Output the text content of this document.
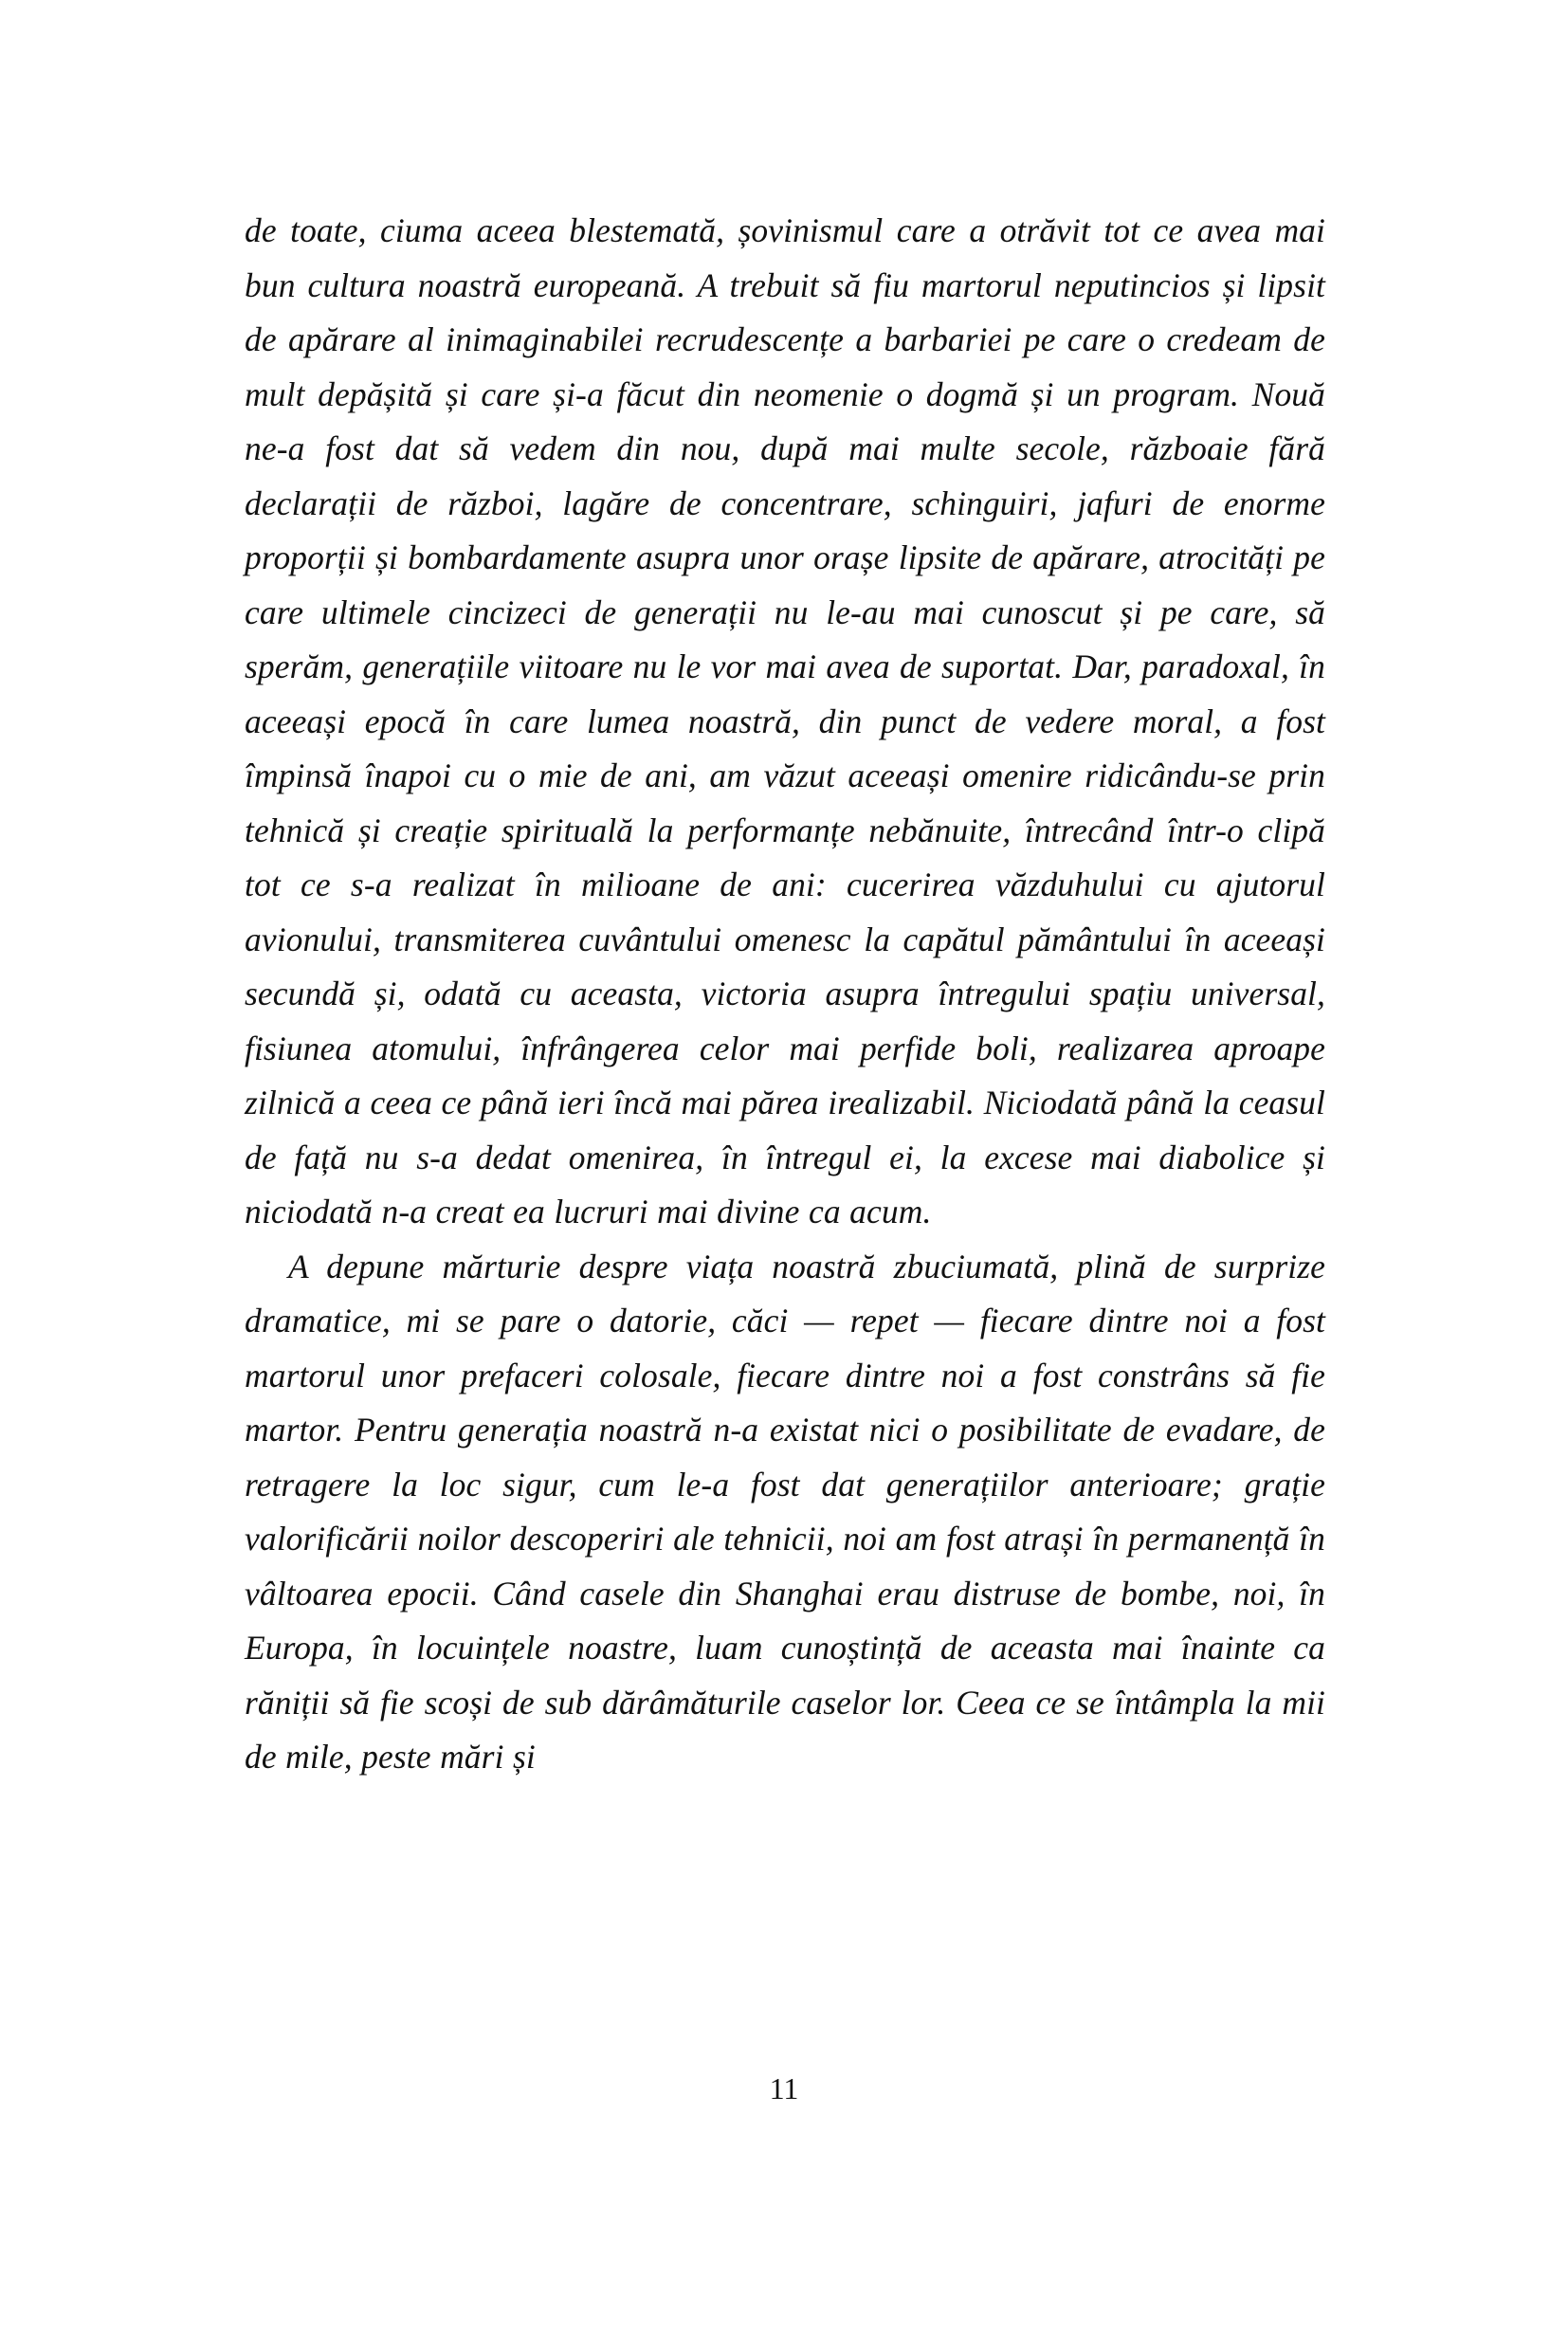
de toate, ciuma aceea blestemată, șovinismul care a otrăvit tot ce avea mai bun cultura noastră europeană. A trebuit să fiu martorul neputincios și lipsit de apărare al inimaginabilei recrudescențe a barbariei pe care o credeam de mult depășită și care și-a făcut din neomenie o dogmă și un program. Nouă ne-a fost dat să vedem din nou, după mai multe secole, războaie fără declarații de război, lagăre de concentrare, schinguiri, jafuri de enorme proporții și bombardamente asupra unor orașe lipsite de apărare, atrocități pe care ultimele cincizeci de generații nu le-au mai cunoscut și pe care, să sperăm, generațiile viitoare nu le vor mai avea de suportat. Dar, paradoxal, în aceeași epocă în care lumea noastră, din punct de vedere moral, a fost împinsă înapoi cu o mie de ani, am văzut aceeași omenire ridicându-se prin tehnică și creație spirituală la performanțe nebănuite, întrecând într-o clipă tot ce s-a realizat în milioane de ani: cucerirea văzduhului cu ajutorul avionului, transmiterea cuvântului omenesc la capătul pământului în aceeași secundă și, odată cu aceasta, victoria asupra întregului spațiu universal, fisiunea atomului, înfrângerea celor mai perfide boli, realizarea aproape zilnică a ceea ce până ieri încă mai părea irealizabil. Niciodată până la ceasul de față nu s-a dedat omenirea, în întregul ei, la excese mai diabolice și niciodată n-a creat ea lucruri mai divine ca acum.

A depune mărturie despre viața noastră zbuciumată, plină de surprize dramatice, mi se pare o datorie, căci — repet — fiecare dintre noi a fost martorul unor prefaceri colosale, fiecare dintre noi a fost constrâns să fie martor. Pentru generația noastră n-a existat nici o posibilitate de evadare, de retragere la loc sigur, cum le-a fost dat generațiilor anterioare; grație valorificării noilor descoperiri ale tehnicii, noi am fost atrași în permanență în vâltoarea epocii. Când casele din Shanghai erau distruse de bombe, noi, în Europa, în locuințele noastre, luam cunoștință de aceasta mai înainte ca răniții să fie scoși de sub dărâmăturile caselor lor. Ceea ce se întâmpla la mii de mile, peste mări și

11
